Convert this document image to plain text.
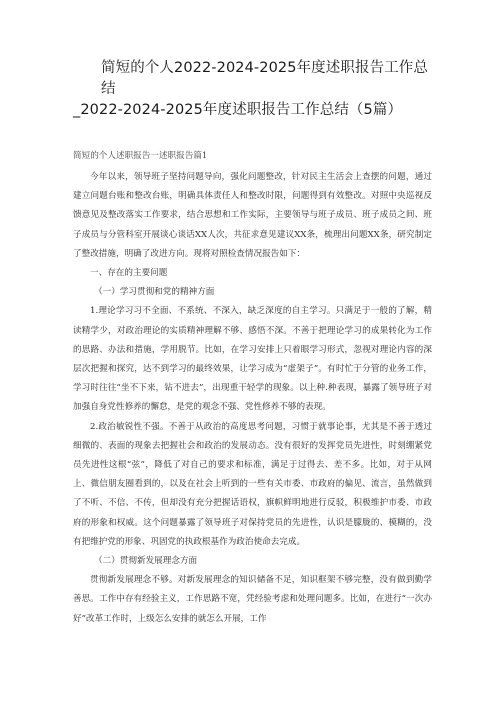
简短的个人2022-2024-2025年度述职报告工作总结
_2022-2024-2025年度述职报告工作总结（5篇）
简短的个人述职报告一述职报告篇1

今年以来，领导班子坚持问题导向，强化问题整改，针对民主生活会上查摆的问题，通过建立问题台账和整改台账，明确具体责任人和整改时限，问题得到有效整改。对照中央巡视反馈意见及整改落实工作要求，结合思想和工作实际，主要领导与班子成员、班子成员之间、班子成员与分管科室开展谈心谈话XX人次，共征求意见建议XX条，梳理出问题XX条，研究制定了整改措施，明确了改进方向。现将对照检查情况报告如下：

一、存在的主要问题
（一）学习贯彻和党的精神方面

1.理论学习习不全面、不系统、不深入，缺乏深度的自主学习。只满足于一般的了解，精读精学少，对政治理论的实质精神理解不够、感悟不深。不善于把理论学习的成果转化为工作的思路、办法和措施，学用脱节。比如，在学习安排上只着眼学习形式，忽视对理论内容的深层次把握和探究，达不到学习的最终效果，让学习成为“虚架子”。有时忙于分管的业务工作，学习时往往“坐不下来，钻不进去”，出现重干轻学的现象。以上种.种表现，暴露了领导班子对加强自身党性修养的懈怠，是党的观念不强、党性修养不够的表现。

2.政治敏锐性不强。不善于从政治的高度思考问题，习惯于就事论事，尤其是不善于透过细微的、表面的现象去把握社会和政治的发展动态。没有很好的发挥党员先进性，时刻绷紧党员先进性这根“弦”，降低了对自己的要求和标准，满足于过得去、差不多。比如，对于从网上、微信朋友圈看到的，以及在社会上听到的一些有关市委、市政府的偏见、流言，虽然做到了不听、不信、不传，但却没有充分把握话语权，旗帜鲜明地进行反驳，积极维护市委、市政府的形象和权威。这个问题暴露了领导班子对保持党员的先进性，认识是朦胧的、模糊的，没有把维护党的形象、巩固党的执政根基作为政治使命去完成。

（二）贯彻新发展理念方面

贯彻新发展理念不够。对新发展理念的知识储备不足，知识框架不够完整，没有做到勤学善思。工作中存有经验主义，工作思路不宽，凭经验考虑和处理问题多。比如，在进行“一次办好”改革工作时，上级怎么安排的就怎么开展，工作
